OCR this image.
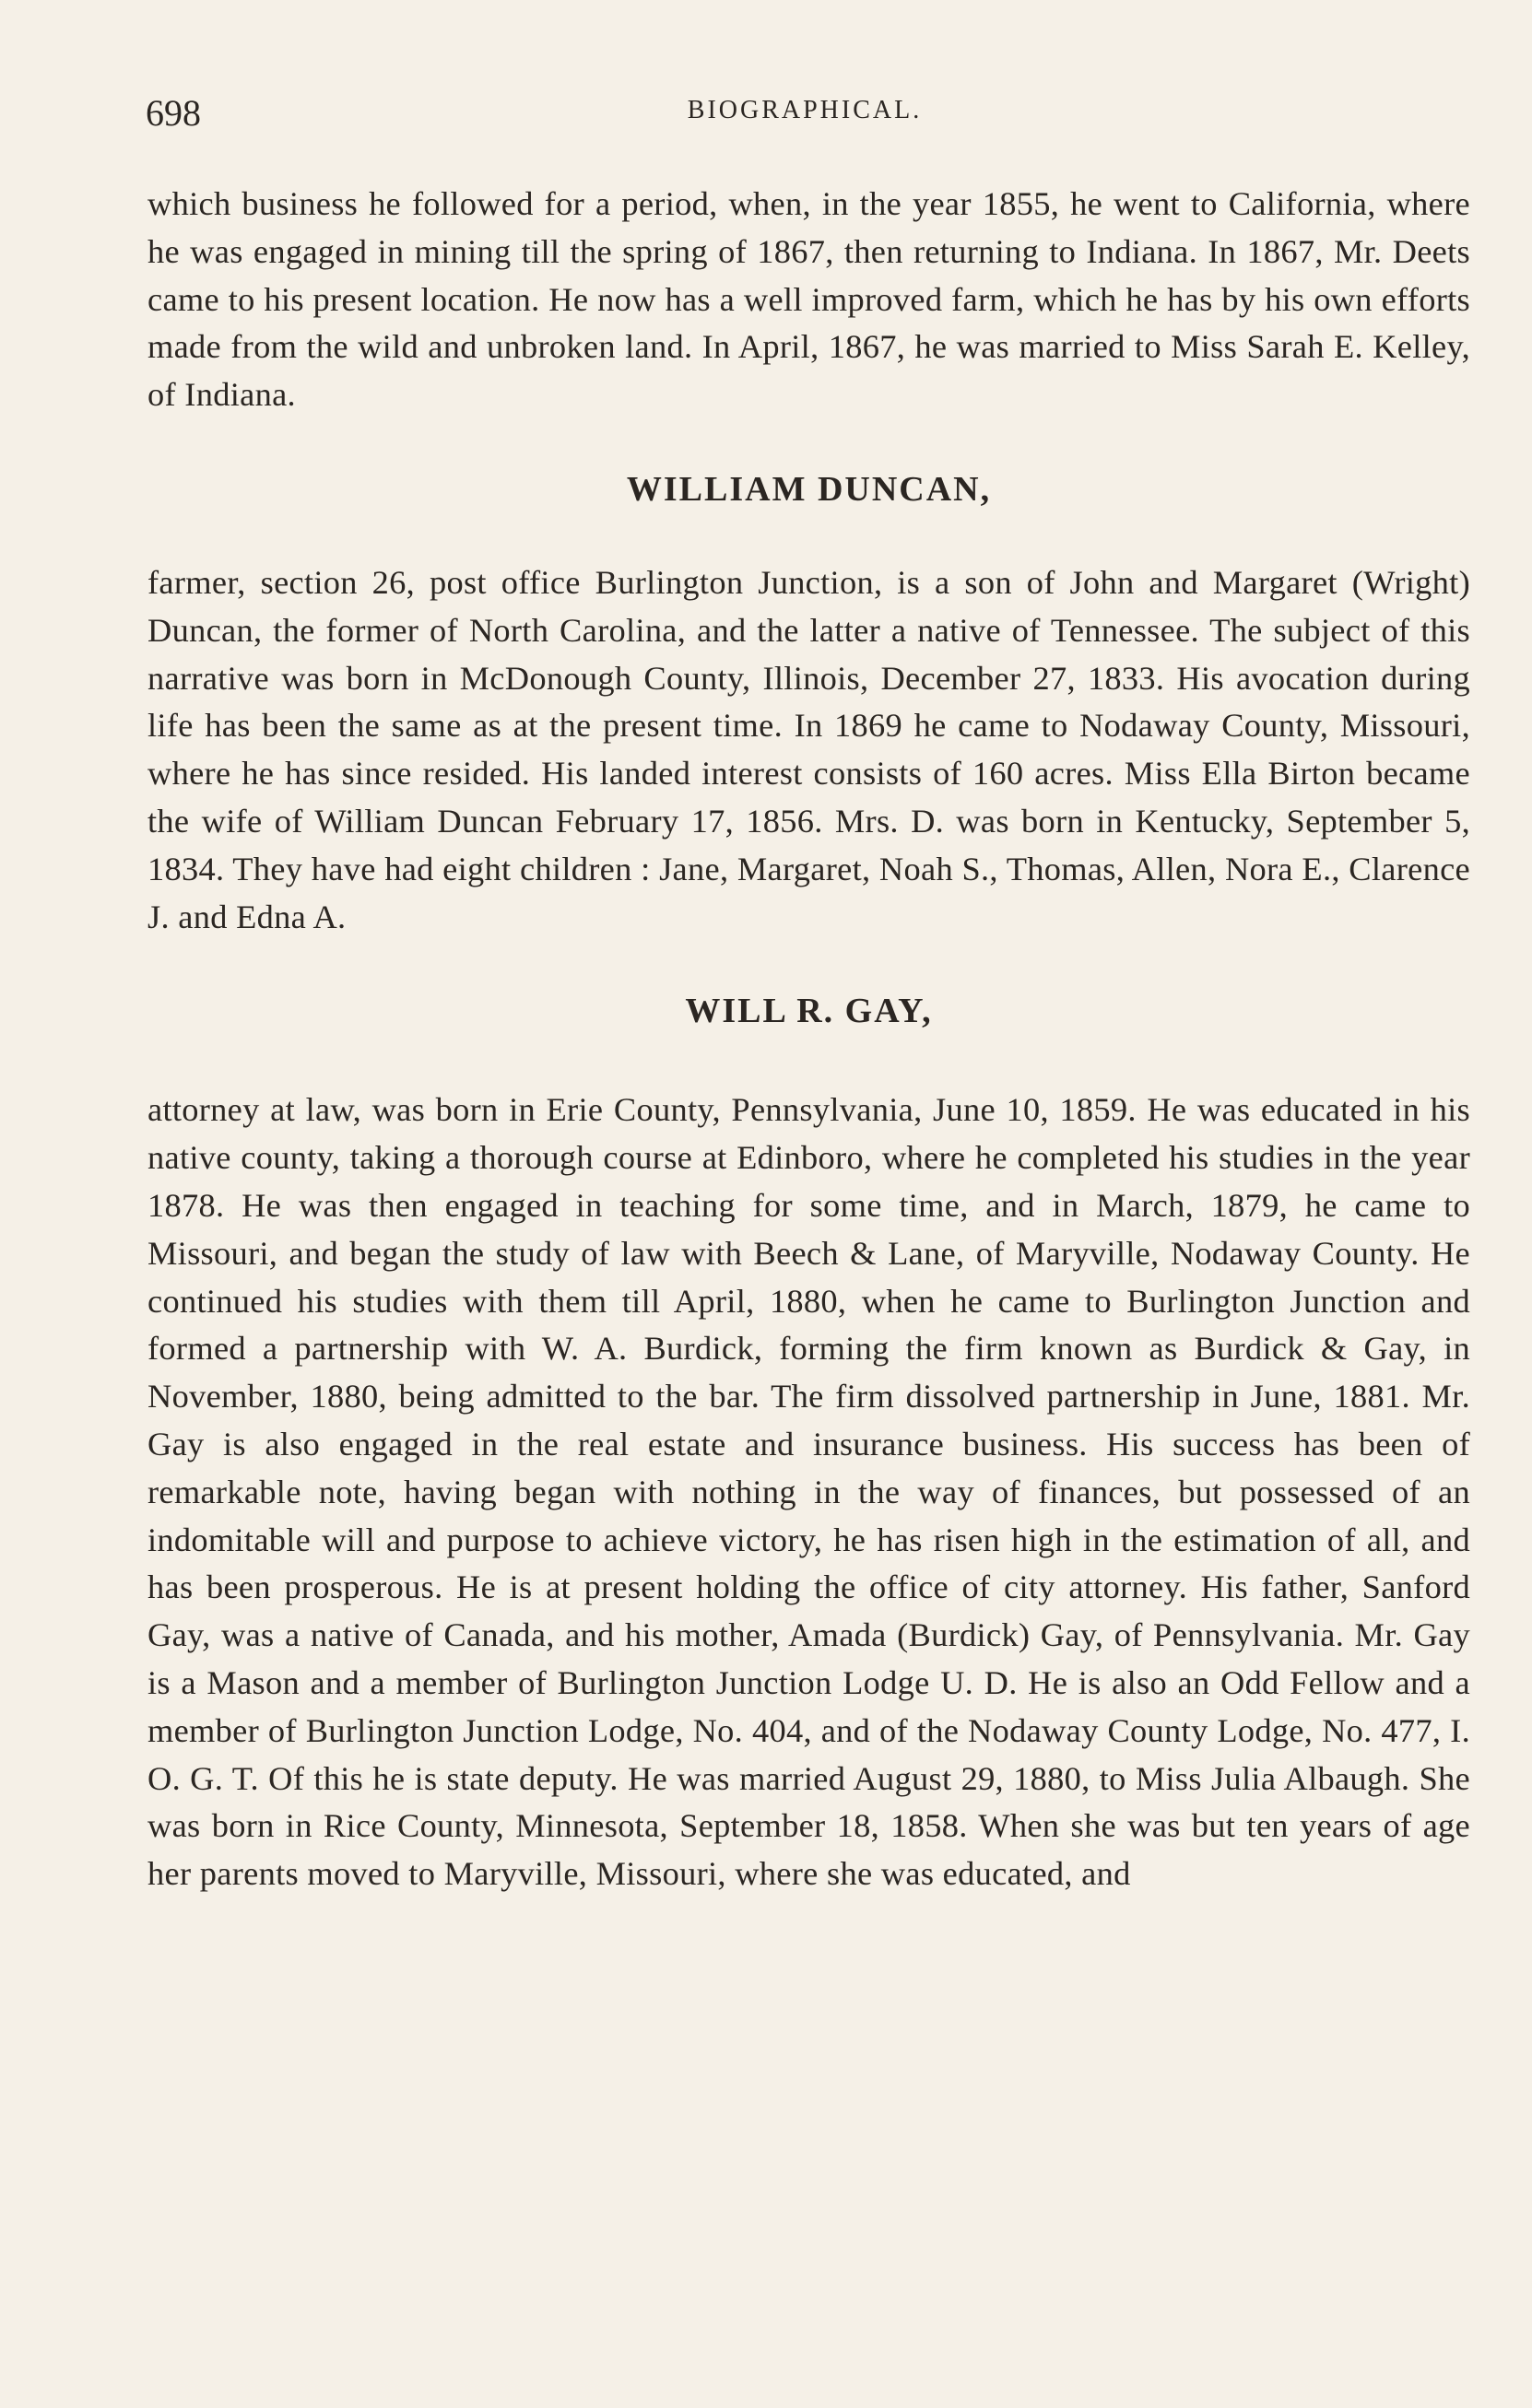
698	BIOGRAPHICAL.

which business he followed for a period, when, in the year 1855, he went to California, where he was engaged in mining till the spring of 1867, then returning to Indiana. In 1867, Mr. Deets came to his present location. He now has a well improved farm, which he has by his own efforts made from the wild and unbroken land. In April, 1867, he was married to Miss Sarah E. Kelley, of Indiana.

WILLIAM DUNCAN,

farmer, section 26, post office Burlington Junction, is a son of John and Margaret (Wright) Duncan, the former of North Carolina, and the latter a native of Tennessee. The subject of this narrative was born in McDonough County, Illinois, December 27, 1833. His avocation during life has been the same as at the present time. In 1869 he came to Nodaway County, Missouri, where he has since resided. His landed interest consists of 160 acres. Miss Ella Birton became the wife of William Duncan February 17, 1856. Mrs. D. was born in Kentucky, September 5, 1834. They have had eight children : Jane, Margaret, Noah S., Thomas, Allen, Nora E., Clarence J. and Edna A.

WILL R. GAY,

attorney at law, was born in Erie County, Pennsylvania, June 10, 1859. He was educated in his native county, taking a thorough course at Edinboro, where he completed his studies in the year 1878. He was then engaged in teaching for some time, and in March, 1879, he came to Missouri, and began the study of law with Beech & Lane, of Maryville, Nodaway County. He continued his studies with them till April, 1880, when he came to Burlington Junction and formed a partnership with W. A. Burdick, forming the firm known as Burdick & Gay, in November, 1880, being admitted to the bar. The firm dissolved partnership in June, 1881. Mr. Gay is also engaged in the real estate and insurance business. His success has been of remarkable note, having began with nothing in the way of finances, but possessed of an indomitable will and purpose to achieve victory, he has risen high in the estimation of all, and has been prosperous. He is at present holding the office of city attorney. His father, Sanford Gay, was a native of Canada, and his mother, Amada (Burdick) Gay, of Pennsylvania. Mr. Gay is a Mason and a member of Burlington Junction Lodge U. D. He is also an Odd Fellow and a member of Burlington Junction Lodge, No. 404, and of the Nodaway County Lodge, No. 477, I. O. G. T. Of this he is state deputy. He was married August 29, 1880, to Miss Julia Albaugh. She was born in Rice County, Minnesota, September 18, 1858. When she was but ten years of age her parents moved to Maryville, Missouri, where she was educated, and
